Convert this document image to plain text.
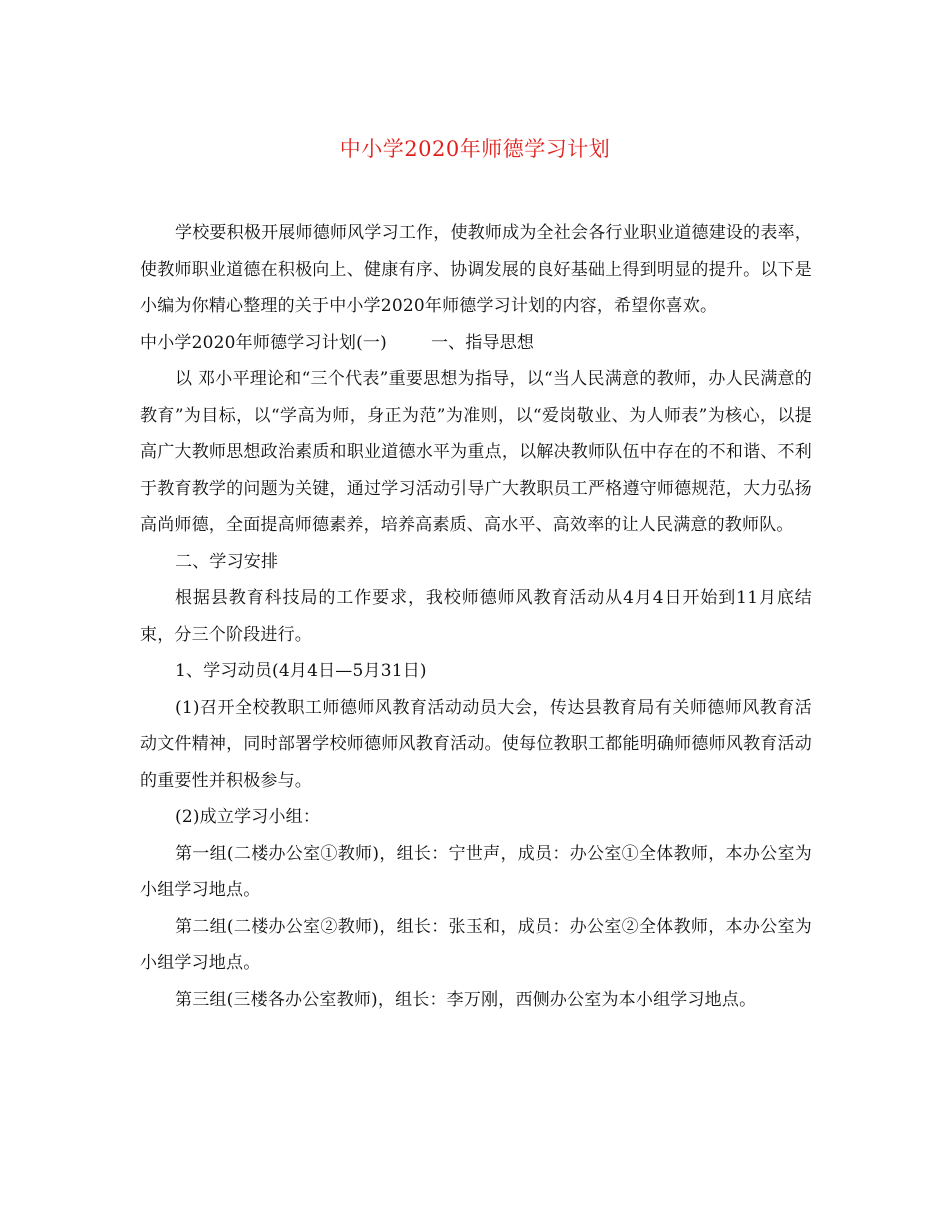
中小学2020年师德学习计划

学校要积极开展师德师风学习工作，使教师成为全社会各行业职业道德建设的表率，使教师职业道德在积极向上、健康有序、协调发展的良好基础上得到明显的提升。以下是小编为你精心整理的关于中小学2020年师德学习计划的内容，希望你喜欢。

中小学2020年师德学习计划(一)	一、指导思想

以 邓小平理论和“三个代表”重要思想为指导，以“当人民满意的教师，办人民满意的教育”为目标，以“学高为师，身正为范”为准则，以“爱岗敬业、为人师表”为核心，以提高广大教师思想政治素质和职业道德水平为重点，以解决教师队伍中存在的不和谐、不利于教育教学的问题为关键，通过学习活动引导广大教职员工严格遵守师德规范，大力弘扬高尚师德，全面提高师德素养，培养高素质、高水平、高效率的让人民满意的教师队。

二、学习安排

根据县教育科技局的工作要求，我校师德师风教育活动从4月4日开始到11月底结束，分三个阶段进行。

1、学习动员(4月4日—5月31日)

(1)召开全校教职工师德师风教育活动动员大会，传达县教育局有关师德师风教育活动文件精神，同时部署学校师德师风教育活动。使每位教职工都能明确师德师风教育活动的重要性并积极参与。

(2)成立学习小组：

第一组(二楼办公室①教师)，组长：宁世声，成员：办公室①全体教师，本办公室为小组学习地点。

第二组(二楼办公室②教师)，组长：张玉和，成员：办公室②全体教师，本办公室为小组学习地点。

第三组(三楼各办公室教师)，组长：李万刚，西侧办公室为本小组学习地点。
